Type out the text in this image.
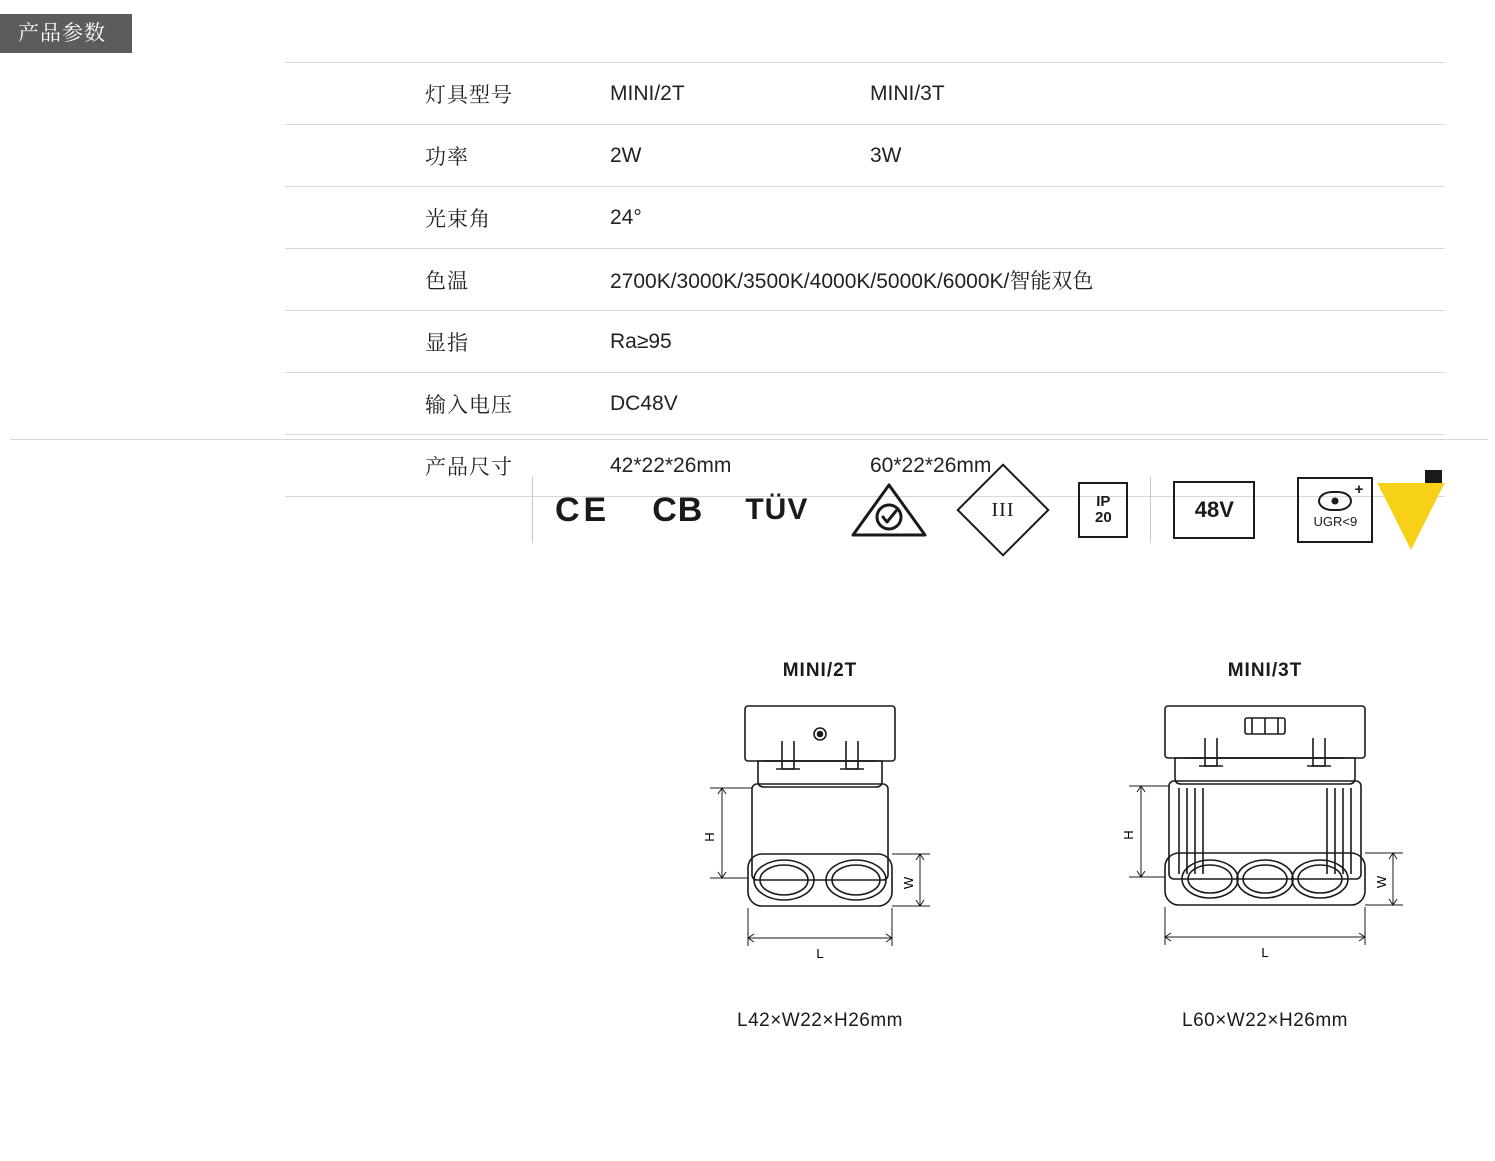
产品参数
灯具型号	MINI/2T	MINI/3T
功率	2W	3W
光束角	24°	
色温	2700K/3000K/3500K/4000K/5000K/6000K/智能双色	
显指	Ra≥95	
输入电压	DC48V	
产品尺寸	42*22*26mm	60*22*26mm
CE CB TÜV	III	IP
20	48V
+
UGR<9
MINI/2T
H
W
L
L42×W22×H26mm
MINI/3T
H
W
L
L60×W22×H26mm
